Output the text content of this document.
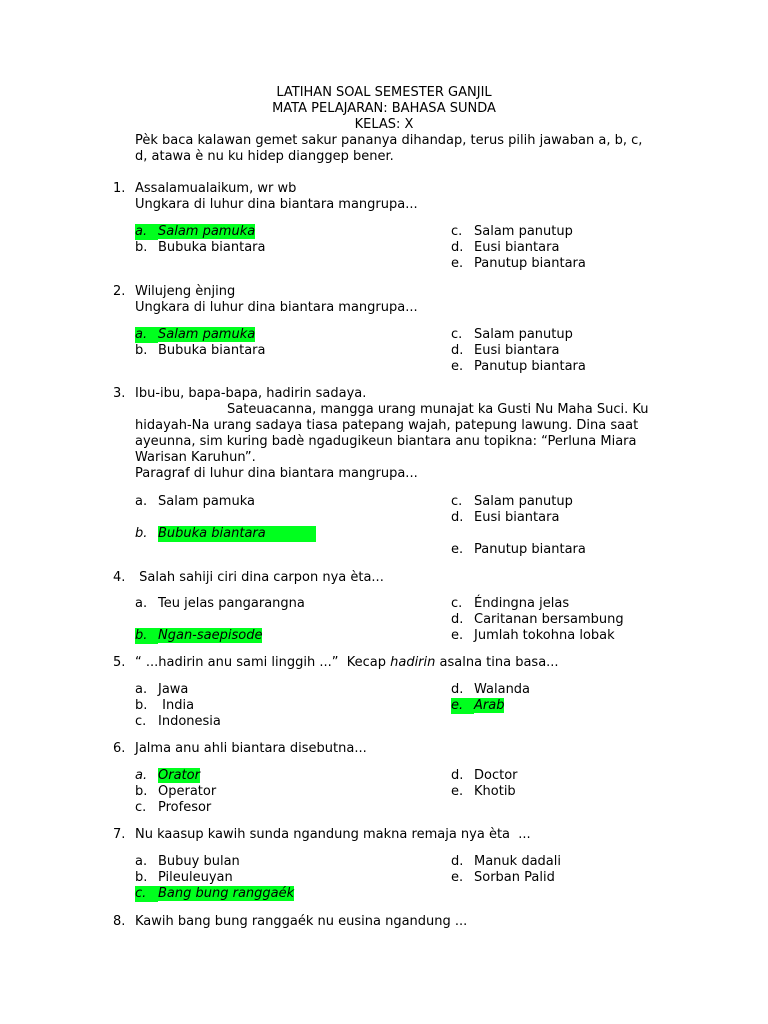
LATIHAN SOAL SEMESTER GANJIL
MATA PELAJARAN: BAHASA SUNDA
KELAS: X
Pèk baca kalawan gemet sakur pananya dihandap, terus pilih jawaban a, b, c,
d, atawa è nu ku hidep dianggep bener.
1. Assalamualaikum, wr wb
Ungkara di luhur dina biantara mangrupa...
a. Salam pamuka
b. Bubuka biantara
c. Salam panutup
d. Eusi biantara
e. Panutup biantara
2. Wilujeng ènjing
Ungkara di luhur dina biantara mangrupa...
a. Salam pamuka
b. Bubuka biantara
c. Salam panutup
d. Eusi biantara
e. Panutup biantara
3. Ibu-ibu, bapa-bapa, hadirin sadaya.
Sateuacanna, mangga urang munajat ka Gusti Nu Maha Suci. Ku
hidayah-Na urang sadaya tiasa patepang wajah, patepung lawung. Dina saat
ayeunna, sim kuring badè ngadugikeun biantara anu topikna: “Perluna Miara
Warisan Karuhun”.
Paragraf di luhur dina biantara mangrupa...
a. Salam pamuka
b. Bubuka biantara
c. Salam panutup
d. Eusi biantara
e. Panutup biantara
4. Salah sahiji ciri dina carpon nya èta...
a. Teu jelas pangarangna
b. Ngan-saepisode
c. Éndingna jelas
d. Caritanan bersambung
e. Jumlah tokohna lobak
5. “ ...hadirin anu sami linggih ...”  Kecap hadirin asalna tina basa...
a. Jawa
b. India
c. Indonesia
d. Walanda
e. Arab
6. Jalma anu ahli biantara disebutna...
a. Orator
b. Operator
c. Profesor
d. Doctor
e. Khotib
7. Nu kaasup kawih sunda ngandung makna remaja nya èta  ...
a. Bubuy bulan
b. Pileuleuyan
c. Bang bung ranggaék
d. Manuk dadali
e. Sorban Palid
8. Kawih bang bung ranggaék nu eusina ngandung ...
